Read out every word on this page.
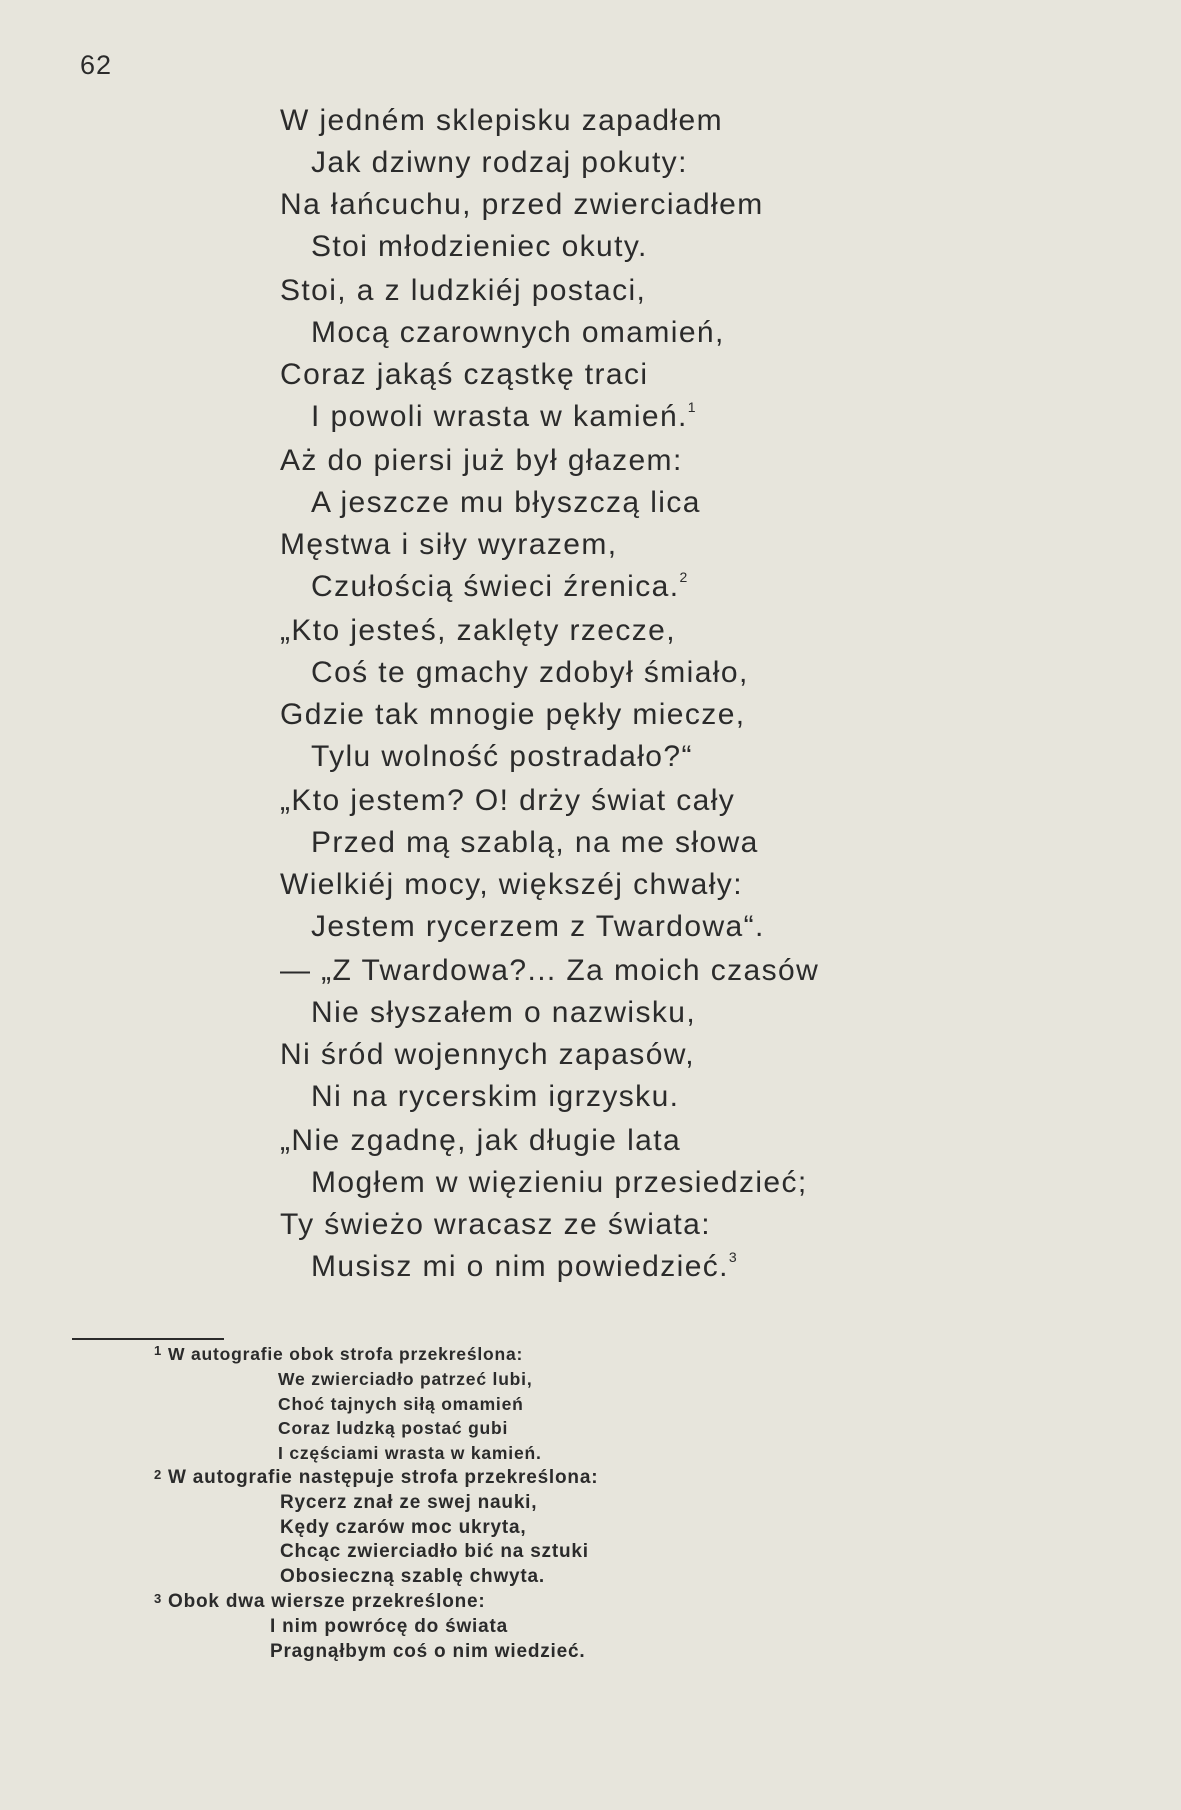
62
W jedném sklepisku zapadłem
Jak dziwny rodzaj pokuty:
Na łańcuchu, przed zwierciadłem
Stoi młodzieniec okuty.
Stoi, a z ludzkiéj postaci,
Mocą czarownych omamień,
Coraz jakąś cząstkę traci
I powoli wrasta w kamień.$^1$
Aż do piersi już był głazem:
A jeszcze mu błyszczą lica
Męstwa i siły wyrazem,
Czułością świeci źrenica.$^2$
„Kto jesteś, zaklęty rzecze,
Coś te gmachy zdobył śmiało,
Gdzie tak mnogie pękły miecze,
Tylu wolność postradało?“
„Kto jestem? O! drży świat cały
Przed mą szablą, na me słowa
Wielkiéj mocy, większéj chwały:
Jestem rycerzem z Twardowa“.
— „Z Twardowa?... Za moich czasów
Nie słyszałem o nazwisku,
Ni śród wojennych zapasów,
Ni na rycerskim igrzysku.
„Nie zgadnę, jak długie lata
Mogłem w więzieniu przesiedzieć;
Ty świeżo wracasz ze świata:
Musisz mi o nim powiedzieć.$^3$
1 W autografie obok strofa przekreślona:
We zwierciadło patrzeć lubi,
Choć tajnych siłą omamień
Coraz ludzką postać gubi
I częściami wrasta w kamień.
2 W autografie następuje strofa przekreślona:
Rycerz znał ze swej nauki,
Kędy czarów moc ukryta,
Chcąc zwierciadło bić na sztuki
Obosieczną szablę chwyta.
3 Obok dwa wiersze przekreślone:
I nim powrócę do świata
Pragnąłbym coś o nim wiedzieć.
